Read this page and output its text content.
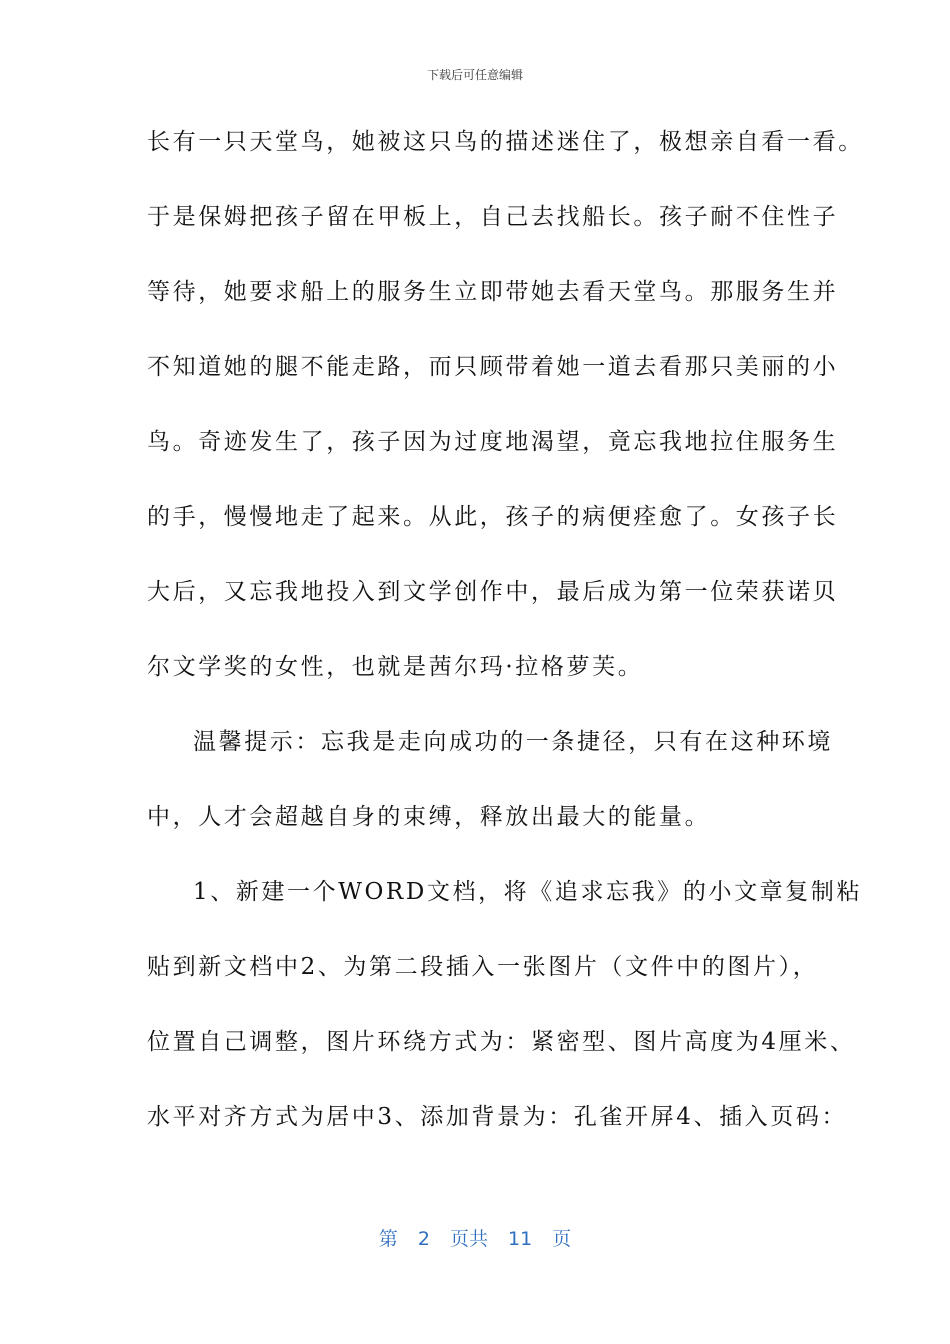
下载后可任意编辑
长有一只天堂鸟，她被这只鸟的描述迷住了，极想亲自看一看。
于是保姆把孩子留在甲板上，自己去找船长。孩子耐不住性子
等待，她要求船上的服务生立即带她去看天堂鸟。那服务生并
不知道她的腿不能走路，而只顾带着她一道去看那只美丽的小
鸟。奇迹发生了，孩子因为过度地渴望，竟忘我地拉住服务生
的手，慢慢地走了起来。从此，孩子的病便痊愈了。女孩子长
大后，又忘我地投入到文学创作中，最后成为第一位荣获诺贝
尔文学奖的女性，也就是茜尔玛·拉格萝芙。
温馨提示：忘我是走向成功的一条捷径，只有在这种环境
中，人才会超越自身的束缚，释放出最大的能量。
1、新建一个WORD文档，将《追求忘我》的小文章复制粘
贴到新文档中2、为第二段插入一张图片（文件中的图片），
位置自己调整，图片环绕方式为：紧密型、图片高度为4厘米、
水平对齐方式为居中3、添加背景为：孔雀开屏4、插入页码：
第 2 页共 11 页
